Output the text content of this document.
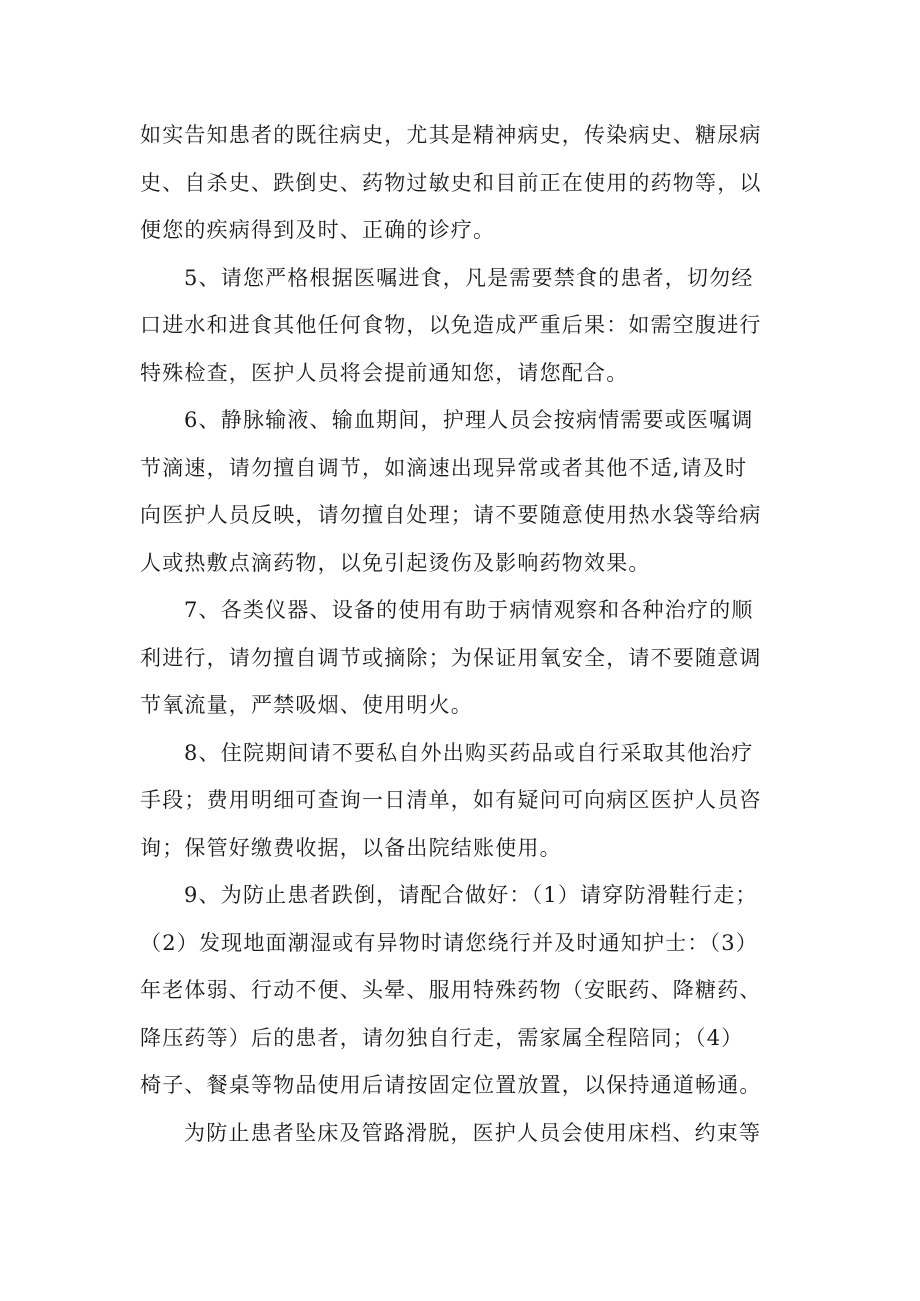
如实告知患者的既往病史，尤其是精神病史，传染病史、糖尿病
史、自杀史、跌倒史、药物过敏史和目前正在使用的药物等，以
便您的疾病得到及时、正确的诊疗。
5、请您严格根据医嘱进食，凡是需要禁食的患者，切勿经
口进水和进食其他任何食物，以免造成严重后果：如需空腹进行
特殊检查，医护人员将会提前通知您，请您配合。
6、静脉输液、输血期间，护理人员会按病情需要或医嘱调
节滴速，请勿擅自调节，如滴速出现异常或者其他不适,请及时
向医护人员反映，请勿擅自处理；请不要随意使用热水袋等给病
人或热敷点滴药物，以免引起烫伤及影响药物效果。
7、各类仪器、设备的使用有助于病情观察和各种治疗的顺
利进行，请勿擅自调节或摘除；为保证用氧安全，请不要随意调
节氧流量，严禁吸烟、使用明火。
8、住院期间请不要私自外出购买药品或自行采取其他治疗
手段；费用明细可查询一日清单，如有疑问可向病区医护人员咨
询；保管好缴费收据，以备出院结账使用。
9、为防止患者跌倒，请配合做好：（1）请穿防滑鞋行走；
（2）发现地面潮湿或有异物时请您绕行并及时通知护士：（3）
年老体弱、行动不便、头晕、服用特殊药物（安眠药、降糖药、
降压药等）后的患者，请勿独自行走，需家属全程陪同；（4）
椅子、餐桌等物品使用后请按固定位置放置，以保持通道畅通。
为防止患者坠床及管路滑脱，医护人员会使用床档、约束等
